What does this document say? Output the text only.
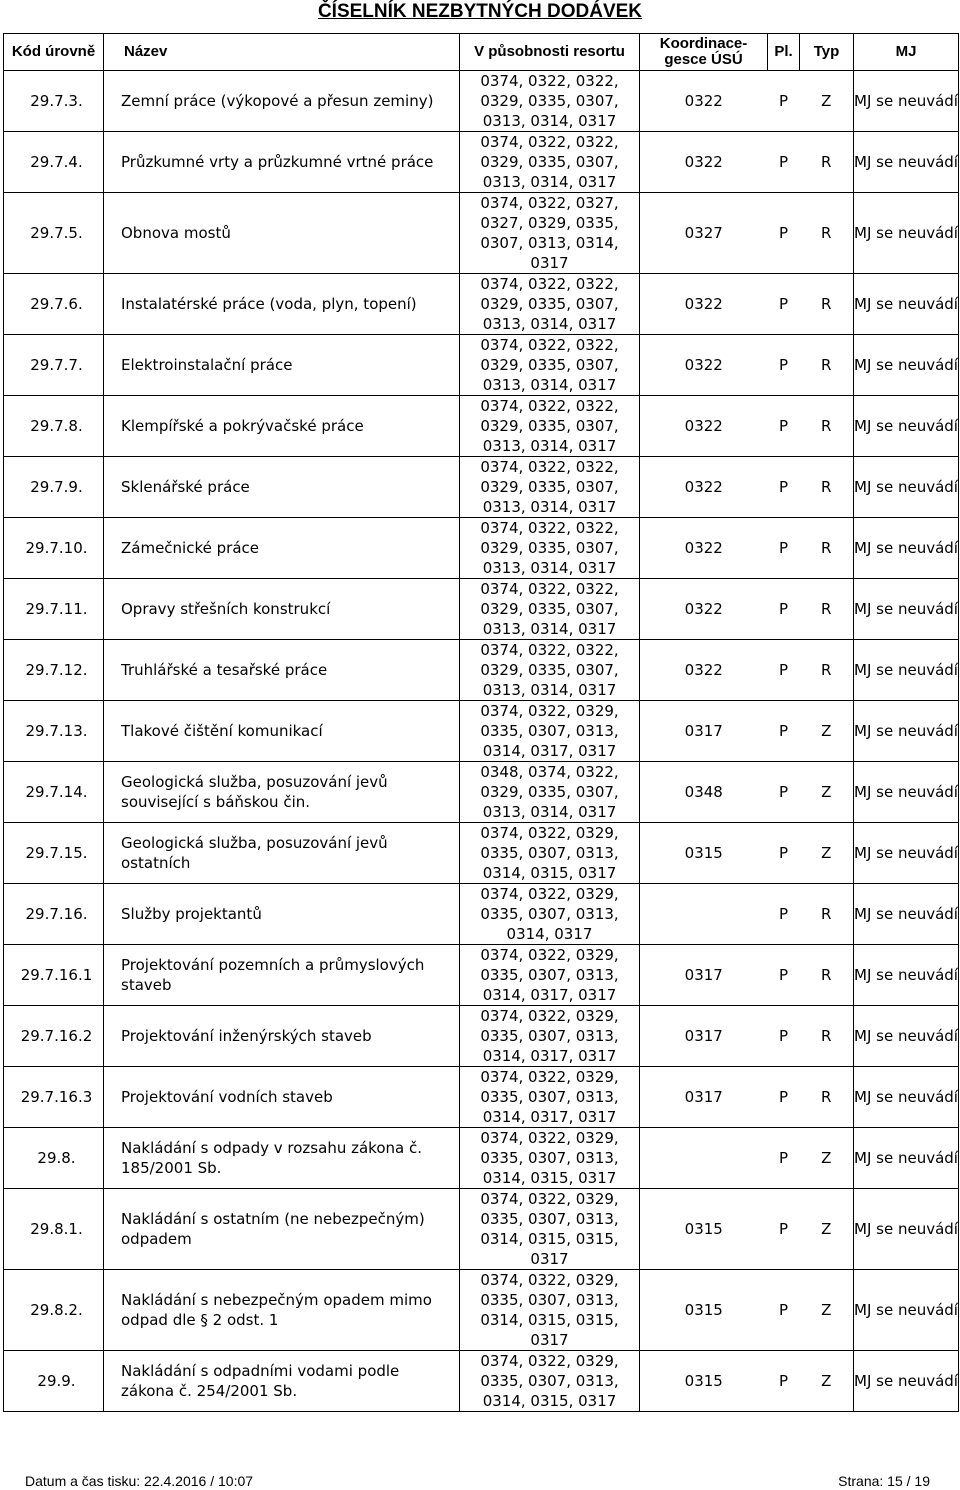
ČÍSELNÍK NEZBYTNÝCH DODÁVEK
Kód úrovně	Název	V působnosti resortu	Koordinace-gesce ÚSÚ	Pl.	Typ	MJ
29.7.3.	Zemní práce (výkopové a přesun zeminy)	0374, 0322, 0322, 0329, 0335, 0307, 0313, 0314, 0317	0322	P	Z	MJ se neuvádí
29.7.4.	Průzkumné vrty a průzkumné vrtné práce	0374, 0322, 0322, 0329, 0335, 0307, 0313, 0314, 0317	0322	P	R	MJ se neuvádí
29.7.5.	Obnova mostů	0374, 0322, 0327, 0327, 0329, 0335, 0307, 0313, 0314, 0317	0327	P	R	MJ se neuvádí
29.7.6.	Instalatérské práce (voda, plyn, topení)	0374, 0322, 0322, 0329, 0335, 0307, 0313, 0314, 0317	0322	P	R	MJ se neuvádí
29.7.7.	Elektroinstalační práce	0374, 0322, 0322, 0329, 0335, 0307, 0313, 0314, 0317	0322	P	R	MJ se neuvádí
29.7.8.	Klempířské a pokrývačské práce	0374, 0322, 0322, 0329, 0335, 0307, 0313, 0314, 0317	0322	P	R	MJ se neuvádí
29.7.9.	Sklenářské práce	0374, 0322, 0322, 0329, 0335, 0307, 0313, 0314, 0317	0322	P	R	MJ se neuvádí
29.7.10.	Zámečnické práce	0374, 0322, 0322, 0329, 0335, 0307, 0313, 0314, 0317	0322	P	R	MJ se neuvádí
29.7.11.	Opravy střešních konstrukcí	0374, 0322, 0322, 0329, 0335, 0307, 0313, 0314, 0317	0322	P	R	MJ se neuvádí
29.7.12.	Truhlářské a tesařské práce	0374, 0322, 0322, 0329, 0335, 0307, 0313, 0314, 0317	0322	P	R	MJ se neuvádí
29.7.13.	Tlakové čištění komunikací	0374, 0322, 0329, 0335, 0307, 0313, 0314, 0317, 0317	0317	P	Z	MJ se neuvádí
29.7.14.	Geologická služba, posuzování jevů související s báňskou čin.	0348, 0374, 0322, 0329, 0335, 0307, 0313, 0314, 0317	0348	P	Z	MJ se neuvádí
29.7.15.	Geologická služba, posuzování jevů ostatních	0374, 0322, 0329, 0335, 0307, 0313, 0314, 0315, 0317	0315	P	Z	MJ se neuvádí
29.7.16.	Služby projektantů	0374, 0322, 0329, 0335, 0307, 0313, 0314, 0317		P	R	MJ se neuvádí
29.7.16.1	Projektování pozemních a průmyslových staveb	0374, 0322, 0329, 0335, 0307, 0313, 0314, 0317, 0317	0317	P	R	MJ se neuvádí
29.7.16.2	Projektování inženýrských staveb	0374, 0322, 0329, 0335, 0307, 0313, 0314, 0317, 0317	0317	P	R	MJ se neuvádí
29.7.16.3	Projektování vodních staveb	0374, 0322, 0329, 0335, 0307, 0313, 0314, 0317, 0317	0317	P	R	MJ se neuvádí
29.8.	Nakládání s odpady v rozsahu zákona č. 185/2001 Sb.	0374, 0322, 0329, 0335, 0307, 0313, 0314, 0315, 0317		P	Z	MJ se neuvádí
29.8.1.	Nakládání s ostatním (ne nebezpečným) odpadem	0374, 0322, 0329, 0335, 0307, 0313, 0314, 0315, 0315, 0317	0315	P	Z	MJ se neuvádí
29.8.2.	Nakládání s nebezpečným opadem mimo odpad dle § 2 odst. 1	0374, 0322, 0329, 0335, 0307, 0313, 0314, 0315, 0315, 0317	0315	P	Z	MJ se neuvádí
29.9.	Nakládání s odpadními vodami podle zákona č. 254/2001 Sb.	0374, 0322, 0329, 0335, 0307, 0313, 0314, 0315, 0317	0315	P	Z	MJ se neuvádí
Datum a čas tisku: 22.4.2016 / 10:07	Strana: 15 / 19
